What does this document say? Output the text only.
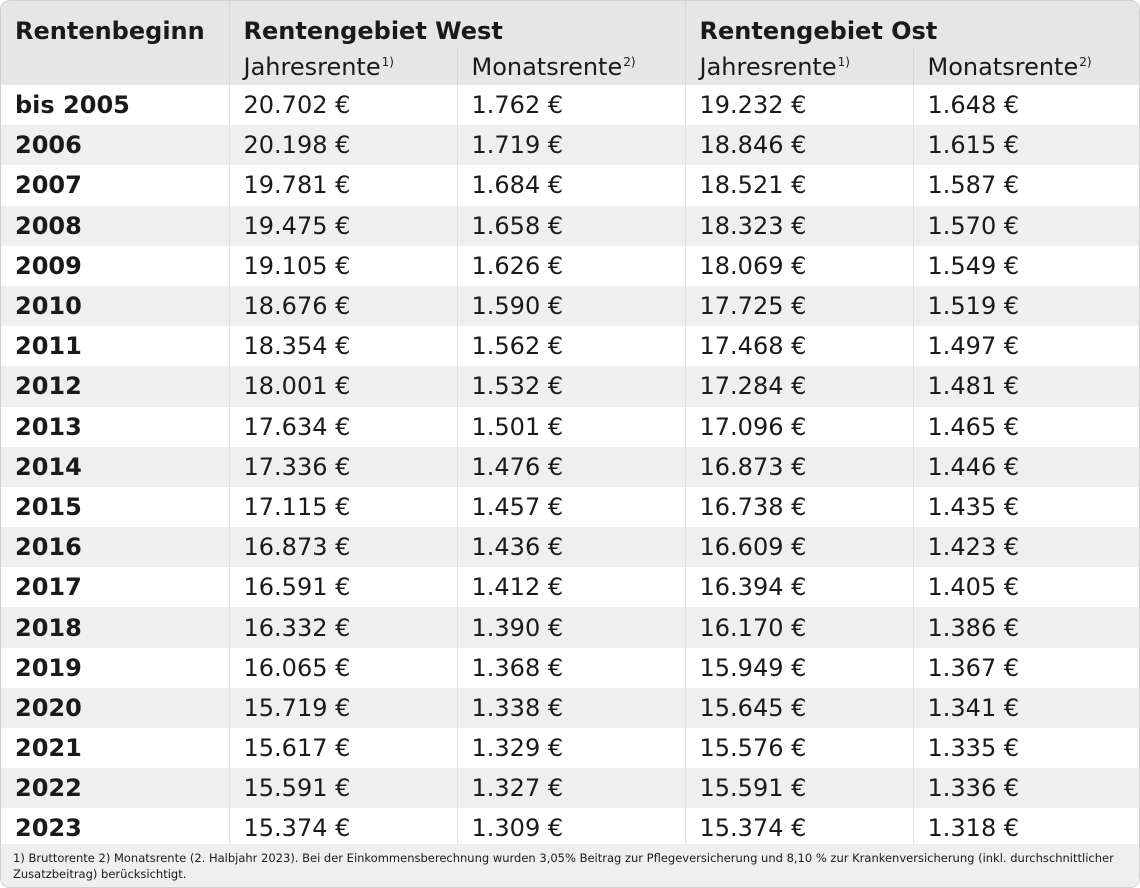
Rentenbeginn	Rentengebiet West		Rentengebiet Ost	
	Jahresrente$^{1)}$	Monatsrente$^{2)}$	Jahresrente$^{1)}$	Monatsrente$^{2)}$
bis 2005	20.702 €	1.762 €	19.232 €	1.648 €
2006	20.198 €	1.719 €	18.846 €	1.615 €
2007	19.781 €	1.684 €	18.521 €	1.587 €
2008	19.475 €	1.658 €	18.323 €	1.570 €
2009	19.105 €	1.626 €	18.069 €	1.549 €
2010	18.676 €	1.590 €	17.725 €	1.519 €
2011	18.354 €	1.562 €	17.468 €	1.497 €
2012	18.001 €	1.532 €	17.284 €	1.481 €
2013	17.634 €	1.501 €	17.096 €	1.465 €
2014	17.336 €	1.476 €	16.873 €	1.446 €
2015	17.115 €	1.457 €	16.738 €	1.435 €
2016	16.873 €	1.436 €	16.609 €	1.423 €
2017	16.591 €	1.412 €	16.394 €	1.405 €
2018	16.332 €	1.390 €	16.170 €	1.386 €
2019	16.065 €	1.368 €	15.949 €	1.367 €
2020	15.719 €	1.338 €	15.645 €	1.341 €
2021	15.617 €	1.329 €	15.576 €	1.335 €
2022	15.591 €	1.327 €	15.591 €	1.336 €
2023	15.374 €	1.309 €	15.374 €	1.318 €
1) Bruttorente 2) Monatsrente (2. Halbjahr 2023). Bei der Einkommensberechnung wurden 3,05% Beitrag zur Pflegeversicherung und 8,10 % zur Krankenversicherung (inkl. durchschnittlicher Zusatzbeitrag) berücksichtigt.
